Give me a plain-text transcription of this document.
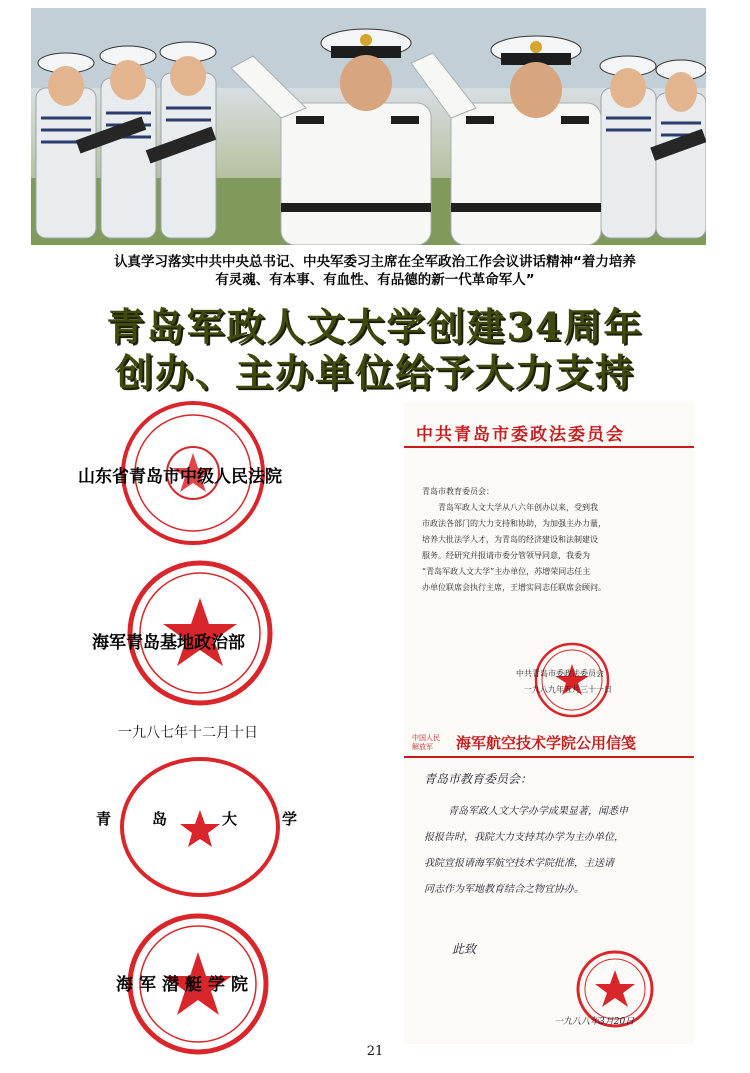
认真学习落实中共中央总书记、中央军委习主席在全军政治工作会议讲话精神“着力培养
有灵魂、有本事、有血性、有品德的新一代革命军人”
青岛军政人文大学创建34周年
创办、主办单位给予大力支持
山东省青岛市中级人民法院
海军青岛基地政治部
一九八七年十二月十日
青	岛	大	学
海军潜艇学院
中共青岛市委政法委员会
青岛市教育委员会：
青岛军政人文大学从八六年创办以来，受到我
市政法各部门的大力支持和协助，为加强主办力量，
培养大批法学人才，为青岛的经济建设和法制建设
服务。经研究并报请市委分管领导同意，我委为
“青岛军政人文大学”主办单位，苏增荣同志任主
办单位联席会执行主席，王增实同志任联席会顾问。
中共青岛市委政法委员会
一九八九年五月三十一日
中国人民
解放军	海军航空技术学院公用信笺
青岛市教育委员会：
青岛军政人文大学办学成果显著，闻悉申
报报告时，我院大力支持其办学为主办单位，
我院宣报请海军航空技术学院批准，主送请
同志作为军地教育结合之物宜协办。
此致
一九八八年3月20日
21
